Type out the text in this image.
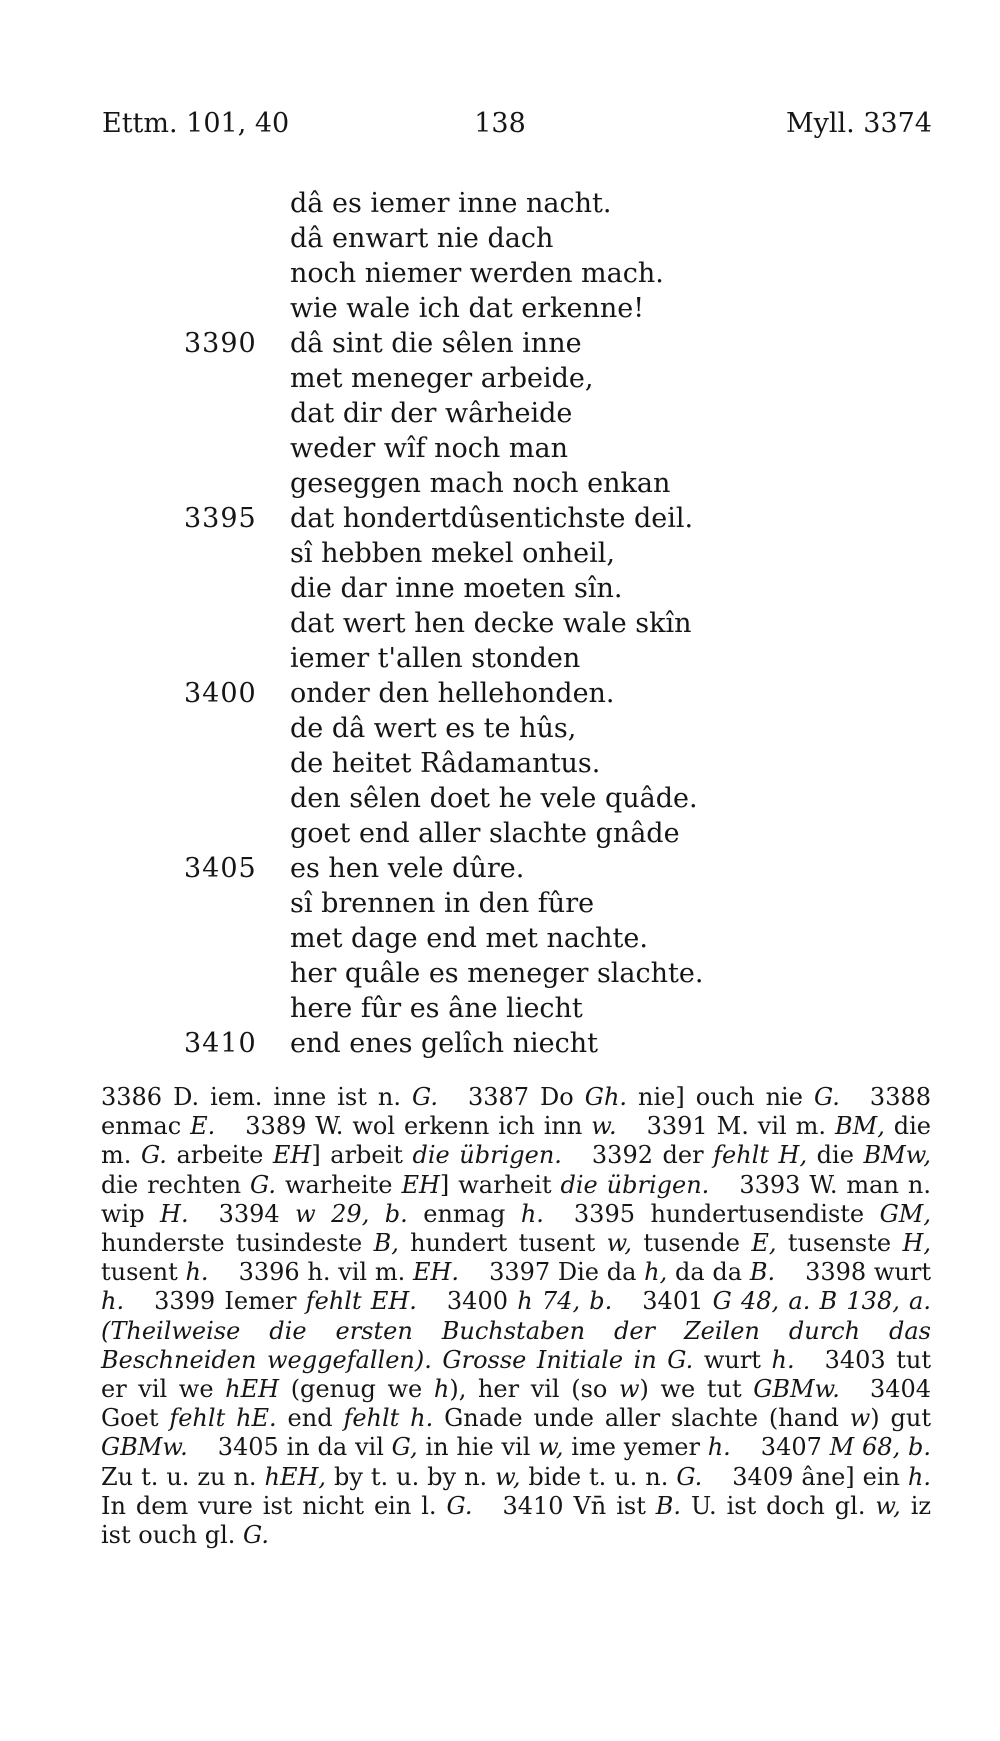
Ettm. 101, 40	138	Myll. 3374
dâ es iemer inne nacht.
dâ enwart nie dach
noch niemer werden mach.
wie wale ich dat erkenne!
3390 dâ sint die sêlen inne
met meneger arbeide,
dat dir der wârheide
weder wîf noch man
geseggen mach noch enkan
3395 dat hondertdûsentichste deil.
sî hebben mekel onheil,
die dar inne moeten sîn.
dat wert hen decke wale skîn
iemer t'allen stonden
3400 onder den hellehonden.
de dâ wert es te hûs,
de heitet Râdamantus.
den sêlen doet he vele quâde.
goet end aller slachte gnâde
3405 es hen vele dûre.
sî brennen in den fûre
met dage end met nachte.
her quâle es meneger slachte.
here fûr es âne liecht
3410 end enes gelîch niecht
3386 D. iem. inne ist n. G. 3387 Do Gh. nie] ouch nie G. 3388 enmac E. 3389 W. wol erkenn ich inn w. 3391 M. vil m. BM, die m. G. arbeite EH] arbeit die übrigen. 3392 der fehlt H, die BMw, die rechten G. warheite EH] warheit die übrigen. 3393 W. man n. wip H. 3394 w 29, b. enmag h. 3395 hundertusendiste GM, hunderste tusindeste B, hundert tusent w, tusende E, tusenste H, tusent h. 3396 h. vil m. EH. 3397 Die da h, da da B. 3398 wurt h. 3399 Iemer fehlt EH. 3400 h 74, b. 3401 G 48, a. B 138, a. (Theilweise die ersten Buchstaben der Zeilen durch das Beschneiden weggefallen). Grosse Initiale in G. wurt h. 3403 tut er vil we hEH (genug we h), her vil (so w) we tut GBMw. 3404 Goet fehlt hE. end fehlt h. Gnade unde aller slachte (hand w) gut GBMw. 3405 in da vil G, in hie vil w, ime yemer h. 3407 M 68, b. Zu t. u. zu n. hEH, by t. u. by n. w, bide t. u. n. G. 3409 âne] ein h. In dem vure ist nicht ein l. G. 3410 Vn̄ ist B. U. ist doch gl. w, iz ist ouch gl. G.
